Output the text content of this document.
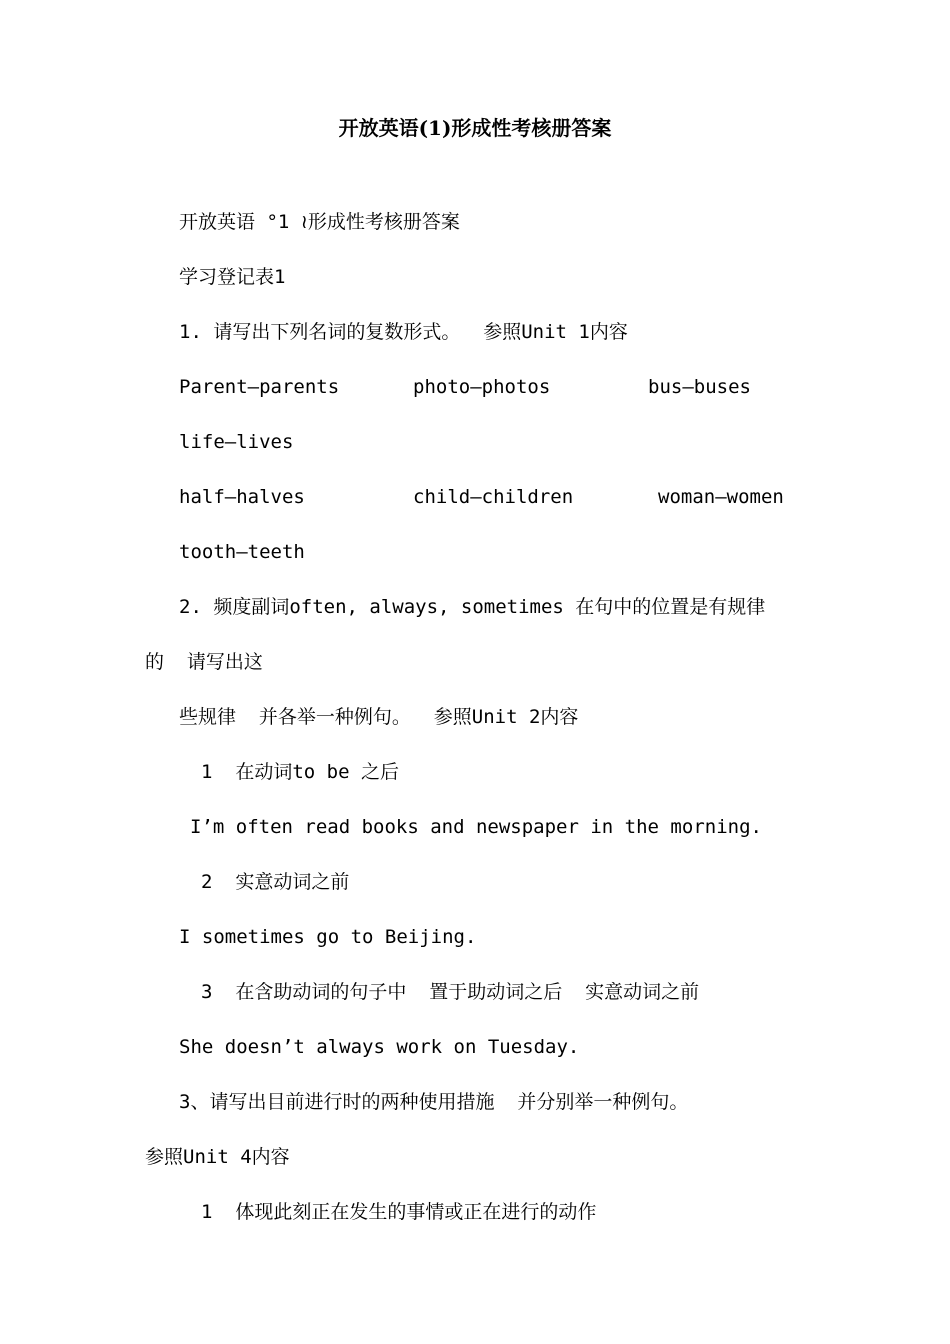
开放英语(1)形成性考核册答案
开放英语 °1 ≀形成性考核册答案
学习登记表1
1. 请写出下列名词的复数形式。  参照Unit 1内容
Parent—parents	photo—photos	bus—buses
life—lives
half—halves	child—children	woman—women
tooth—teeth
2. 频度副词often, always, sometimes 在句中的位置是有规律
的  请写出这
些规律  并各举一种例句。  参照Unit 2内容
1  在动词to be 之后
I’m often read books and newspaper in the morning.
2  实意动词之前
I sometimes go to Beijing.
3  在含助动词的句子中  置于助动词之后  实意动词之前
She doesn’t always work on Tuesday.
3、请写出目前进行时的两种使用措施  并分别举一种例句。
参照Unit 4内容
1  体现此刻正在发生的事情或正在进行的动作
